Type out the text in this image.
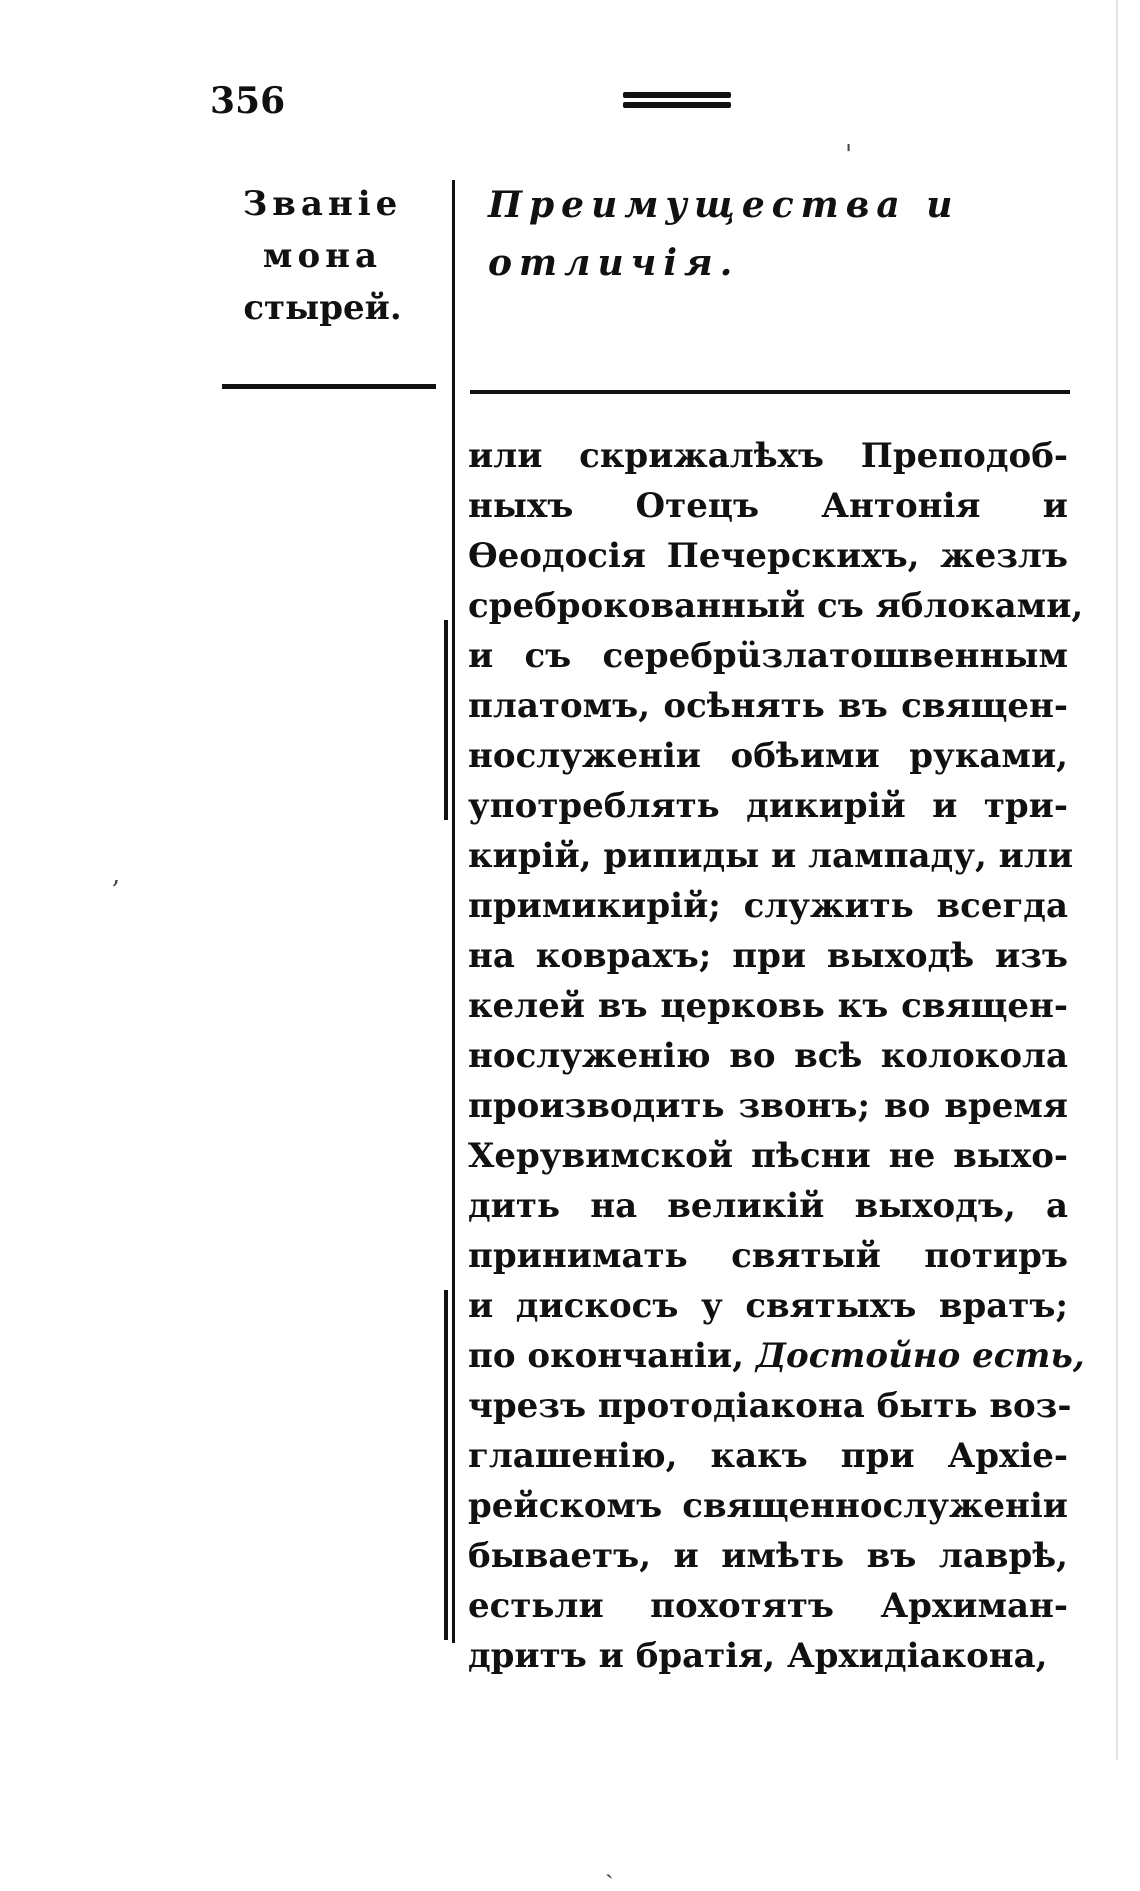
356
Званіе
мона
стырей.
Преимущества и
отличія.
или скрижалѣхъ Преподоб-
ныхъ Отецъ Антонія и
Ѳеодосія Печерскихъ, жезлъ
среброкованный съ яблоками,
и съ серебрüзлатошвенным
платомъ, осѣнять въ священ-
нослуженіи обѣими руками,
употреблять дикирій и три-
кирій, рипиды и лампаду, или
примикирій; служить всегда
на коврахъ; при выходѣ изъ
келей въ церковь къ священ-
нослуженію во всѣ колокола
производить звонъ; во время
Херувимской пѣсни не выхо-
дить на великій выходъ, а
принимать святый потиръ
и дискосъ у святыхъ вратъ;
по окончаніи, Достойно есть,
чрезъ протодіакона быть воз-
глашенію, какъ при Архіе-
рейскомъ священнослуженіи
бываетъ, и имѣть въ лаврѣ,
естьли похотятъ Архиман-
дритъ и братія, Архидіакона,
,
'
ˎ
